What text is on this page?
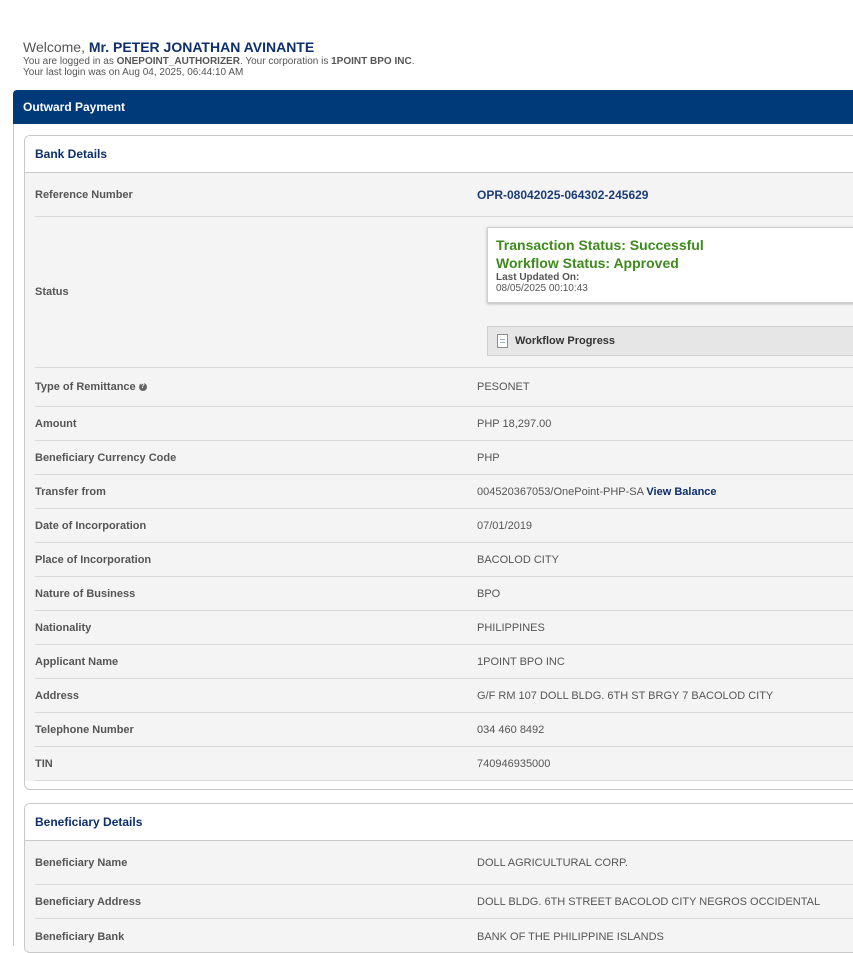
Welcome, Mr. PETER JONATHAN AVINANTE
You are logged in as ONEPOINT_AUTHORIZER. Your corporation is 1POINT BPO INC.
Your last login was on Aug 04, 2025, 06:44:10 AM
Outward Payment
Bank Details
Reference Number	OPR-08042025-064302-245629
Status
Transaction Status: Successful
Workflow Status: Approved
Last Updated On:
08/05/2025 00:10:43
Workflow Progress
Type of Remittance ?	PESONET
Amount	PHP 18,297.00
Beneficiary Currency Code	PHP
Transfer from	004520367053/OnePoint-PHP-SA View Balance
Date of Incorporation	07/01/2019
Place of Incorporation	BACOLOD CITY
Nature of Business	BPO
Nationality	PHILIPPINES
Applicant Name	1POINT BPO INC
Address	G/F RM 107 DOLL BLDG. 6TH ST BRGY 7 BACOLOD CITY
Telephone Number	034 460 8492
TIN	740946935000
Beneficiary Details
Beneficiary Name	DOLL AGRICULTURAL CORP.
Beneficiary Address	DOLL BLDG. 6TH STREET BACOLOD CITY NEGROS OCCIDENTAL
Beneficiary Bank	BANK OF THE PHILIPPINE ISLANDS
